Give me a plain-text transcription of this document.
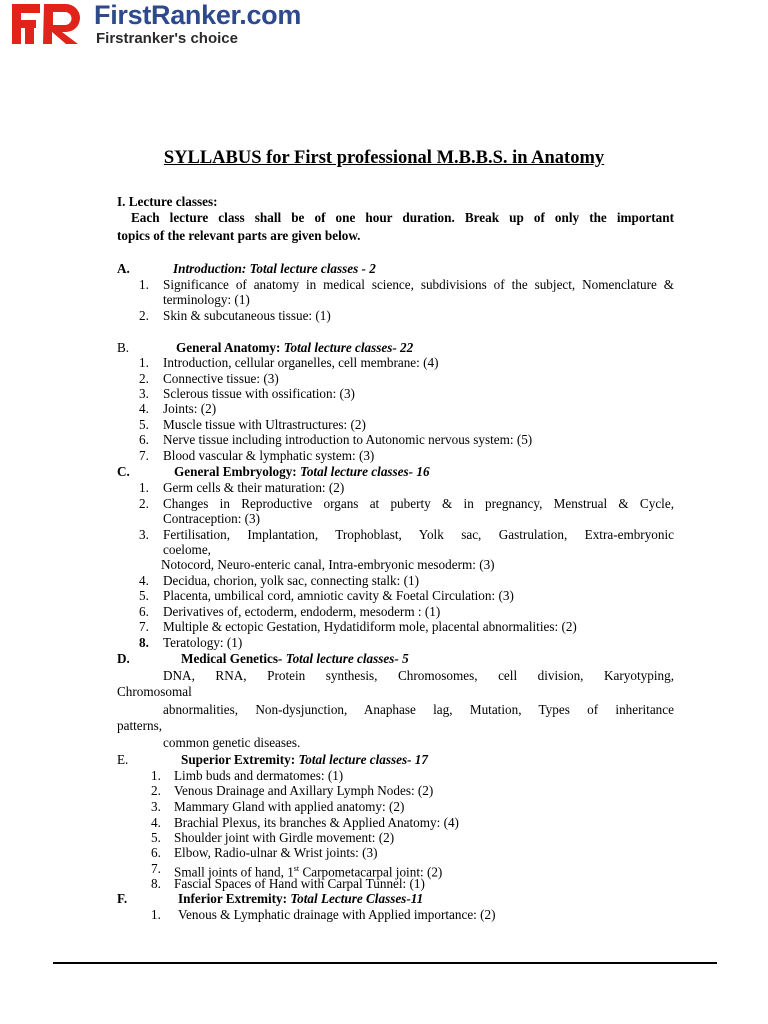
FirstRanker.com
Firstranker's choice
SYLLABUS for First professional M.B.B.S. in Anatomy
I. Lecture classes:
Each lecture class shall be of one hour duration. Break up of only the important
topics of the relevant parts are given below.
A.	Introduction: Total lecture classes - 2
1. Significance of anatomy in medical science, subdivisions of the subject, Nomenclature &
terminology: (1)
2. Skin & subcutaneous tissue: (1)
B.	General Anatomy: Total lecture classes- 22
1. Introduction, cellular organelles, cell membrane: (4)
2. Connective tissue: (3)
3. Sclerous tissue with ossification: (3)
4. Joints: (2)
5. Muscle tissue with Ultrastructures: (2)
6. Nerve tissue including introduction to Autonomic nervous system: (5)
7. Blood vascular & lymphatic system: (3)
C.	General Embryology: Total lecture classes- 16
1. Germ cells & their maturation: (2)
2. Changes in Reproductive organs at puberty & in pregnancy, Menstrual & Cycle,
Contraception: (3)
3. Fertilisation, Implantation, Trophoblast, Yolk sac, Gastrulation, Extra-embryonic
coelome,
Notocord, Neuro-enteric canal, Intra-embryonic mesoderm: (3)
4. Decidua, chorion, yolk sac, connecting stalk: (1)
5. Placenta, umbilical cord, amniotic cavity & Foetal Circulation: (3)
6. Derivatives of, ectoderm, endoderm, mesoderm : (1)
7. Multiple & ectopic Gestation, Hydatidiform mole, placental abnormalities: (2)
8. Teratology: (1)
D.	Medical Genetics- Total lecture classes- 5
DNA, RNA, Protein synthesis, Chromosomes, cell division, Karyotyping,
Chromosomal
abnormalities, Non-dysjunction, Anaphase lag, Mutation, Types of inheritance
patterns,
common genetic diseases.
E.	Superior Extremity: Total lecture classes- 17
1. Limb buds and dermatomes: (1)
2. Venous Drainage and Axillary Lymph Nodes: (2)
3. Mammary Gland with applied anatomy: (2)
4. Brachial Plexus, its branches & Applied Anatomy: (4)
5. Shoulder joint with Girdle movement: (2)
6. Elbow, Radio-ulnar & Wrist joints: (3)
7. Small joints of hand, 1st Carpometacarpal joint: (2)
8. Fascial Spaces of Hand with Carpal Tunnel: (1)
F.	Inferior Extremity: Total Lecture Classes-11
1. Venous & Lymphatic drainage with Applied importance: (2)
